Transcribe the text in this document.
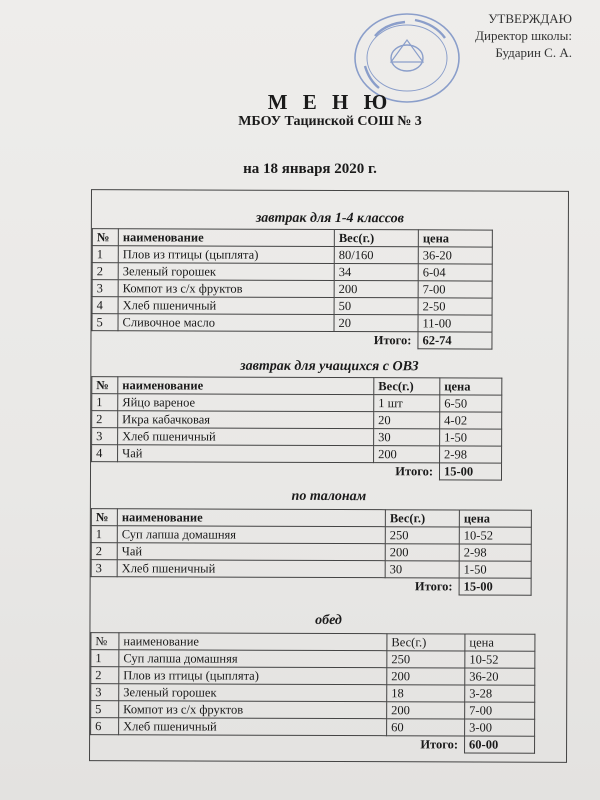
УТВЕРЖДАЮ
Директор школы:
Бударин С. А.
М Е Н Ю
МБОУ Тацинской СОШ № 3
на 18 января 2020 г.
завтрак для 1-4 классов
№	наименование	Вес(г.)	цена
1	Плов из птицы (цыплята)	80/160	36-20
2	Зеленый горошек	34	6-04
3	Компот из с/х фруктов	200	7-00
4	Хлеб пшеничный	50	2-50
5	Сливочное масло	20	11-00
Итого:			62-74
завтрак для учащихся с ОВЗ
№	наименование	Вес(г.)	цена
1	Яйцо вареное	1 шт	6-50
2	Икра кабачковая	20	4-02
3	Хлеб пшеничный	30	1-50
4	Чай	200	2-98
Итого:			15-00
по талонам
№	наименование	Вес(г.)	цена
1	Суп лапша домашняя	250	10-52
2	Чай	200	2-98
3	Хлеб пшеничный	30	1-50
Итого:			15-00
обед
№	наименование	Вес(г.)	цена
1	Суп лапша домашняя	250	10-52
2	Плов из птицы (цыплята)	200	36-20
3	Зеленый горошек	18	3-28
5	Компот из с/х фруктов	200	7-00
6	Хлеб пшеничный	60	3-00
Итого:			60-00
